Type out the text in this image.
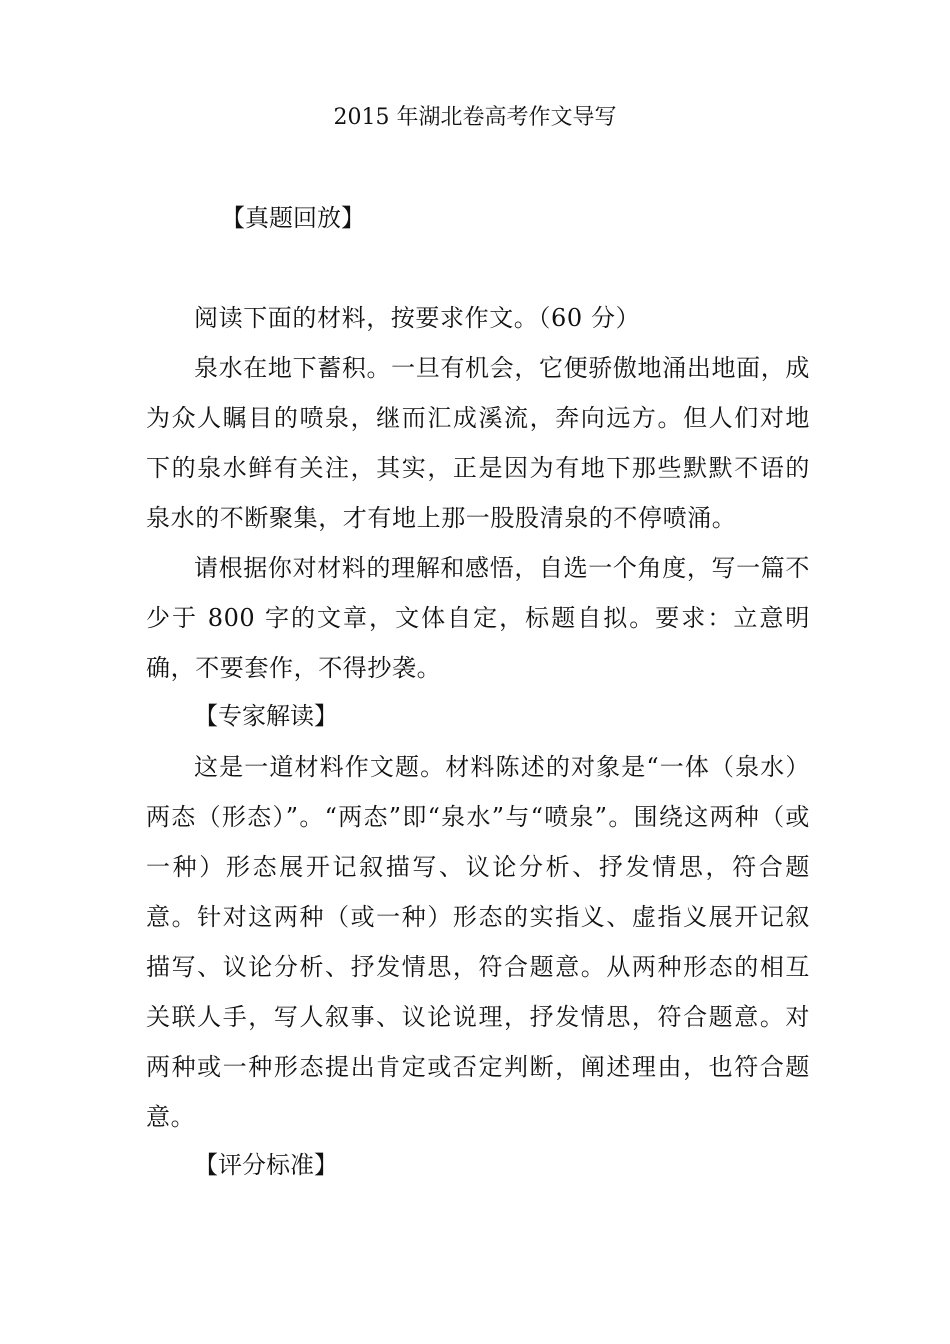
2015 年湖北卷高考作文导写
【真题回放】
阅读下面的材料，按要求作文。（60 分）
泉水在地下蓄积。一旦有机会，它便骄傲地涌出地面，成为众人瞩目的喷泉，继而汇成溪流，奔向远方。但人们对地下的泉水鲜有关注，其实，正是因为有地下那些默默不语的泉水的不断聚集，才有地上那一股股清泉的不停喷涌。
请根据你对材料的理解和感悟，自选一个角度，写一篇不少于 800 字的文章，文体自定，标题自拟。要求：立意明确，不要套作，不得抄袭。
【专家解读】
这是一道材料作文题。材料陈述的对象是“一体（泉水）两态（形态）”。“两态”即“泉水”与“喷泉”。围绕这两种（或一种）形态展开记叙描写、议论分析、抒发情思，符合题意。针对这两种（或一种）形态的实指义、虚指义展开记叙描写、议论分析、抒发情思，符合题意。从两种形态的相互关联人手，写人叙事、议论说理，抒发情思，符合题意。对两种或一种形态提出肯定或否定判断，阐述理由，也符合题意。
【评分标准】
